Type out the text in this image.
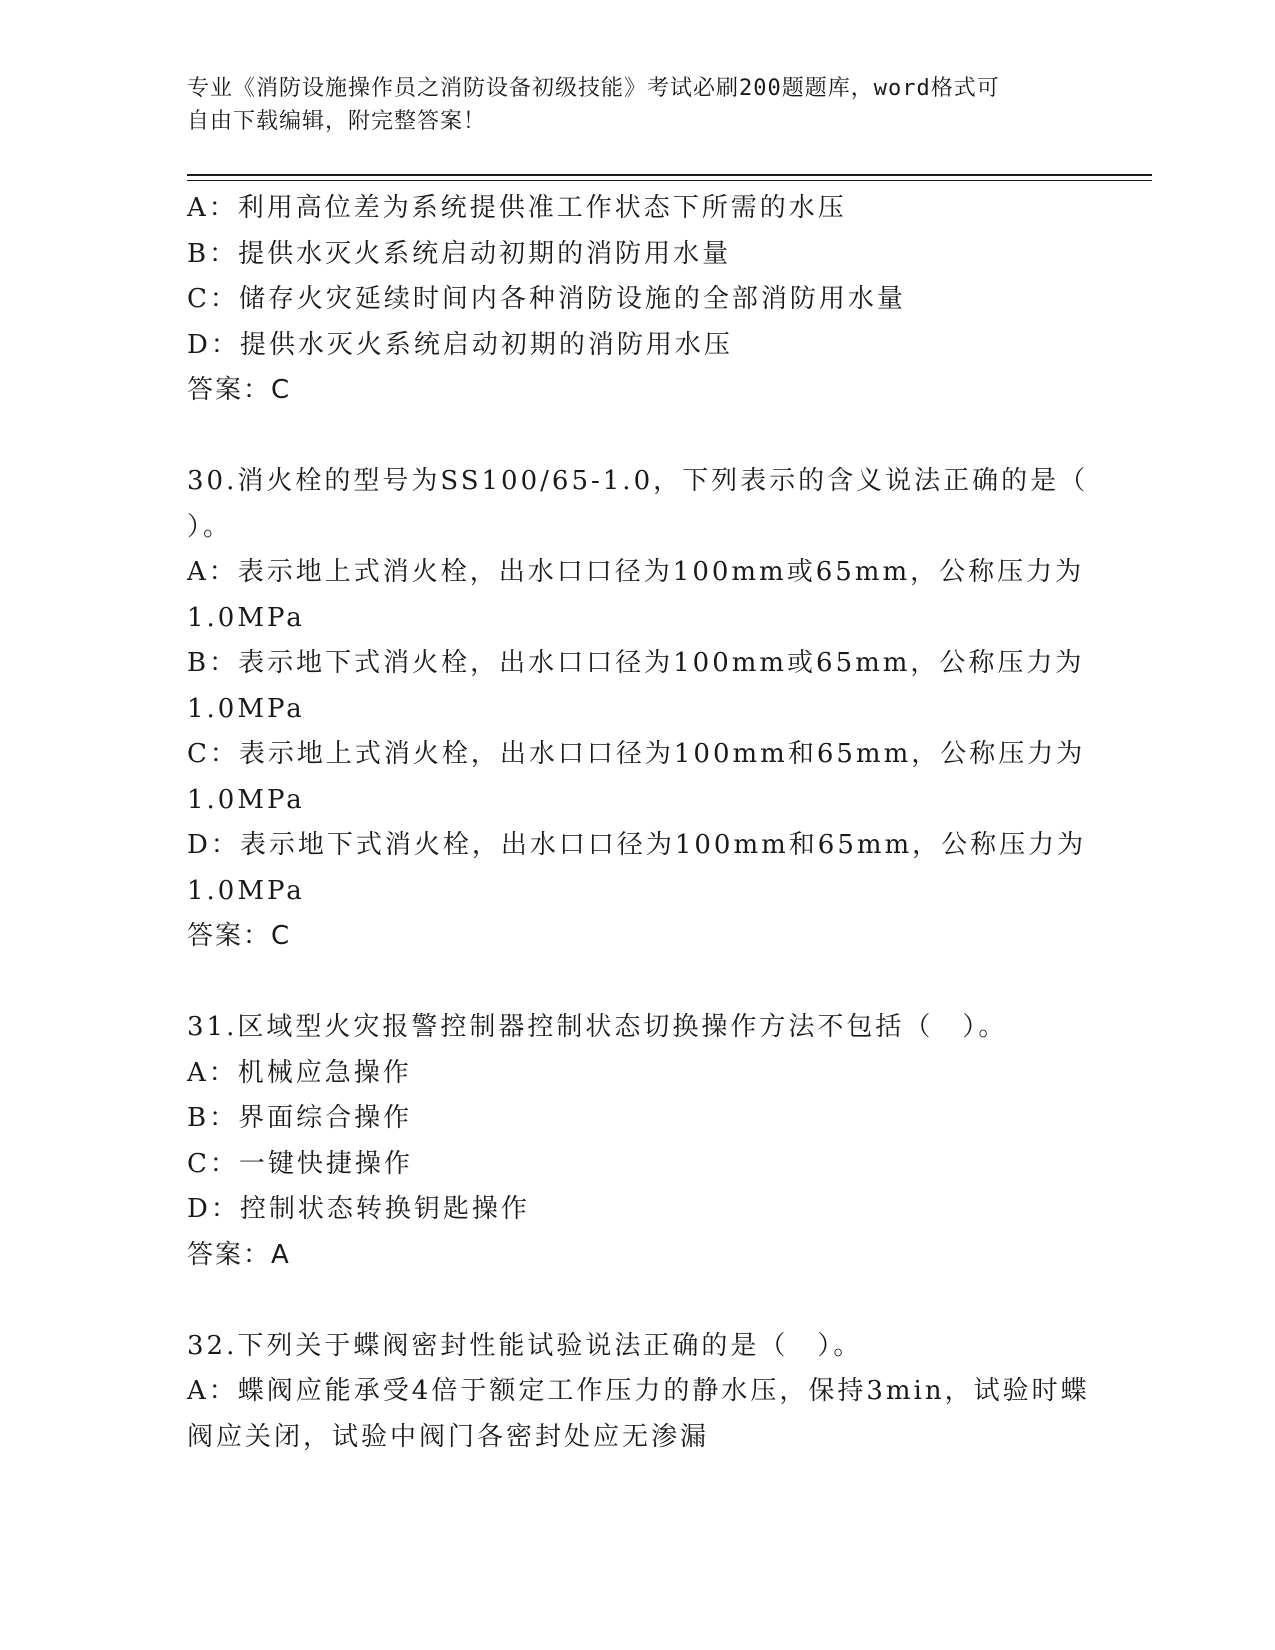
专业《消防设施操作员之消防设备初级技能》考试必刷200题题库，word格式可
自由下载编辑，附完整答案！
A：利用高位差为系统提供准工作状态下所需的水压
B：提供水灭火系统启动初期的消防用水量
C：储存火灾延续时间内各种消防设施的全部消防用水量
D：提供水灭火系统启动初期的消防用水压
答案：C
30.消火栓的型号为SS100/65-1.0，下列表示的含义说法正确的是（
）。
A：表示地上式消火栓，出水口口径为100mm或65mm，公称压力为
1.0MPa
B：表示地下式消火栓，出水口口径为100mm或65mm，公称压力为
1.0MPa
C：表示地上式消火栓，出水口口径为100mm和65mm，公称压力为
1.0MPa
D：表示地下式消火栓，出水口口径为100mm和65mm，公称压力为
1.0MPa
答案：C
31.区域型火灾报警控制器控制状态切换操作方法不包括（　）。
A：机械应急操作
B：界面综合操作
C：一键快捷操作
D：控制状态转换钥匙操作
答案：A
32.下列关于蝶阀密封性能试验说法正确的是（　）。
A：蝶阀应能承受4倍于额定工作压力的静水压，保持3min，试验时蝶
阀应关闭，试验中阀门各密封处应无渗漏
